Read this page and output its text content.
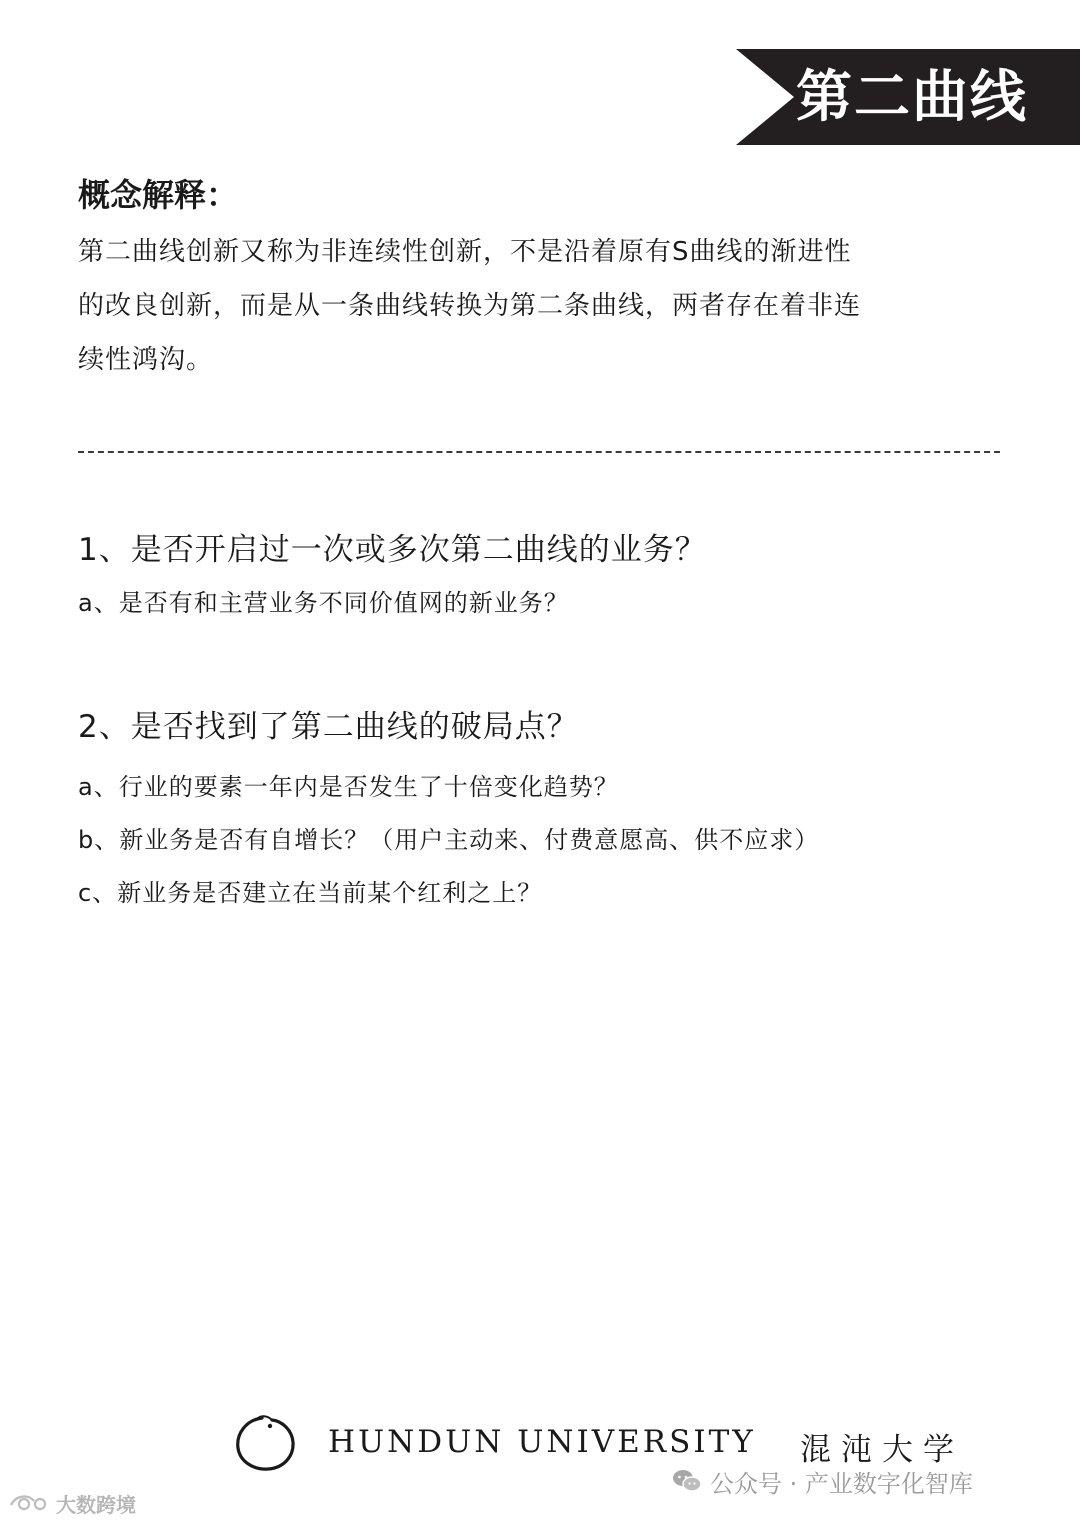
第二曲线
概念解释：
第二曲线创新又称为非连续性创新，不是沿着原有S曲线的渐进性
的改良创新，而是从一条曲线转换为第二条曲线，两者存在着非连
续性鸿沟。
1、是否开启过一次或多次第二曲线的业务？
a、是否有和主营业务不同价值网的新业务？
2、是否找到了第二曲线的破局点？
a、行业的要素一年内是否发生了十倍变化趋势？
b、新业务是否有自增长？（用户主动来、付费意愿高、供不应求）
c、新业务是否建立在当前某个红利之上？
HUNDUN UNIVERSITY 混沌大学
公众号 · 产业数字化智库
大数跨境
